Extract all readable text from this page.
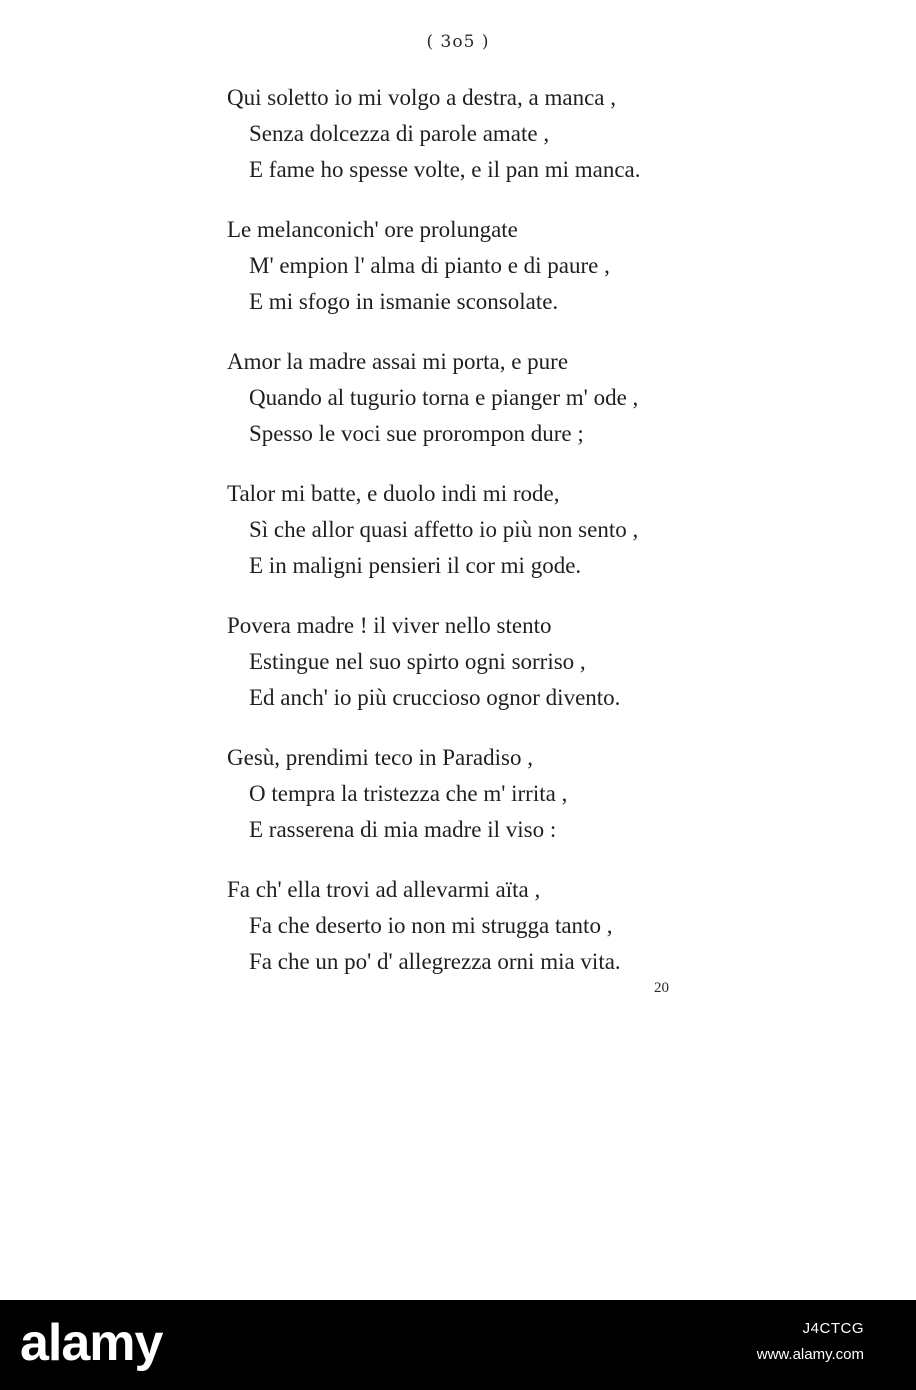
( 3o5 )
Qui soletto io mi volgo a destra, a manca ,
Senza dolcezza di parole amate ,
E fame ho spesse volte, e il pan mi manca.
Le melanconich' ore prolungate
M' empion l' alma di pianto e di paure ,
E mi sfogo in ismanie sconsolate.
Amor la madre assai mi porta, e pure
Quando al tugurio torna e pianger m' ode ,
Spesso le voci sue prorompon dure ;
Talor mi batte, e duolo indi mi rode,
Sì che allor quasi affetto io più non sento ,
E in maligni pensieri il cor mi gode.
Povera madre ! il viver nello stento
Estingue nel suo spirto ogni sorriso ,
Ed anch' io più cruccioso ognor divento.
Gesù, prendimi teco in Paradiso ,
O tempra la tristezza che m' irrita ,
E rasserena di mia madre il viso :
Fa ch' ella trovi ad allevarmi aïta ,
Fa che deserto io non mi strugga tanto ,
Fa che un po' d' allegrezza orni mia vita.
20
alamy	J4CTCG
www.alamy.com
